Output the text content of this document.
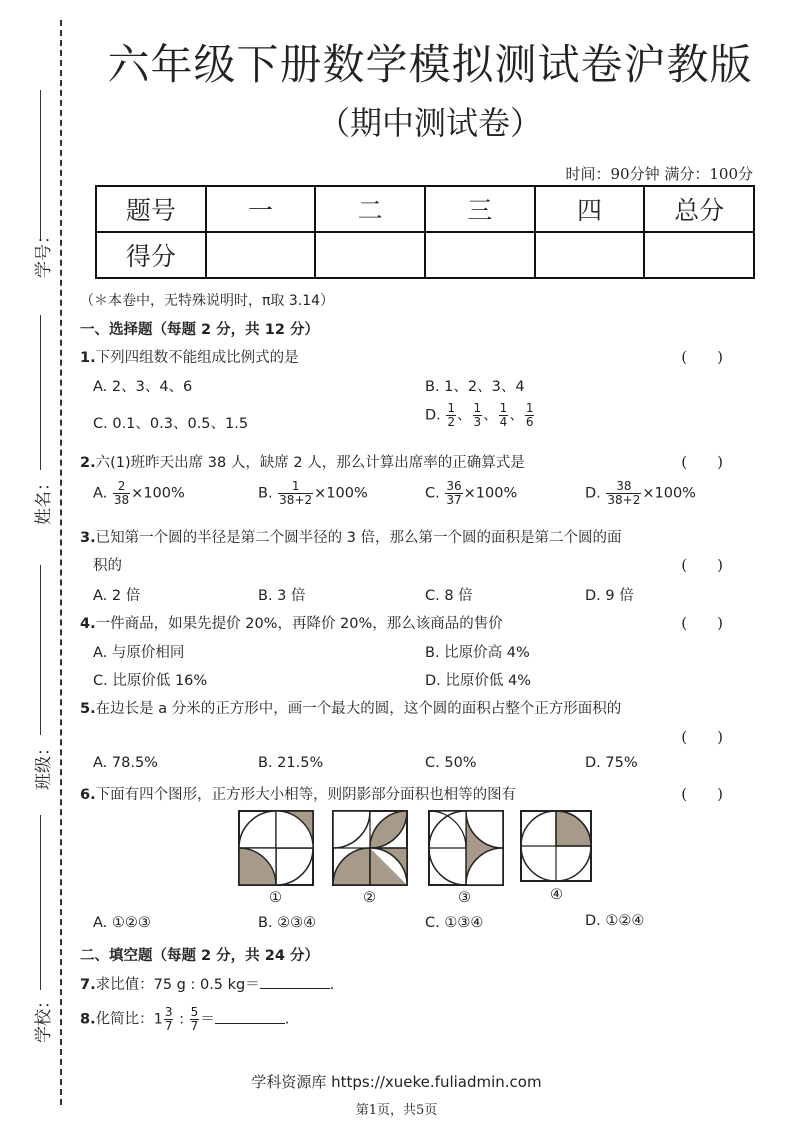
学号：
姓名：
班级：
学校：
六年级下册数学模拟测试卷沪教版
（期中测试卷）
时间：90分钟 满分：100分
题号	一	二	三	四	总分
得分					
（＊本卷中，无特殊说明时，π取 3.14）
一、选择题（每题 2 分，共 12 分）
1.下列四组数不能组成比例式的是	(　　)
A. 2、3、4、6	B. 1、2、3、4
C. 0.1、0.3、0.5、1.5
D. $\frac{1}{2}$ 、 $\frac{1}{3}$ 、 $\frac{1}{4}$ 、 $\frac{1}{6}$
2.六(1)班昨天出席 38 人，缺席 2 人，那么计算出席率的正确算式是	(　　)
A. $\frac{2}{38} \times 100\%$	B. $\frac{1}{38+2} \times 100\%$	C. $\frac{36}{37} \times 100\%$	D. $\frac{38}{38+2} \times 100\%$
3.已知第一个圆的半径是第二个圆半径的 3 倍，那么第一个圆的面积是第二个圆的面
积的	(　　)
A. 2 倍	B. 3 倍	C. 8 倍	D. 9 倍
4.一件商品，如果先提价 20%，再降价 20%，那么该商品的售价	(　　)
A. 与原价相同	B. 比原价高 4%
C. 比原价低 16%	D. 比原价低 4%
5.在边长是 a 分米的正方形中，画一个最大的圆，这个圆的面积占整个正方形面积的
(　　)
A. 78.5%	B. 21.5%	C. 50%	D. 75%
6.下面有四个图形，正方形大小相等，则阴影部分面积也相等的图有	(　　)
①	②	③	④
A. ①②③	B. ②③④	C. ①③④	D. ①②④
二、填空题（每题 2 分，共 24 分）
7.求比值：75 g : 0.5 kg＝	.
8.化简比：$1 \frac{3}{7}$ : $\frac{5}{7}$ ＝	.
学科资源库 https://xueke.fuliadmin.com
第1页，共5页
